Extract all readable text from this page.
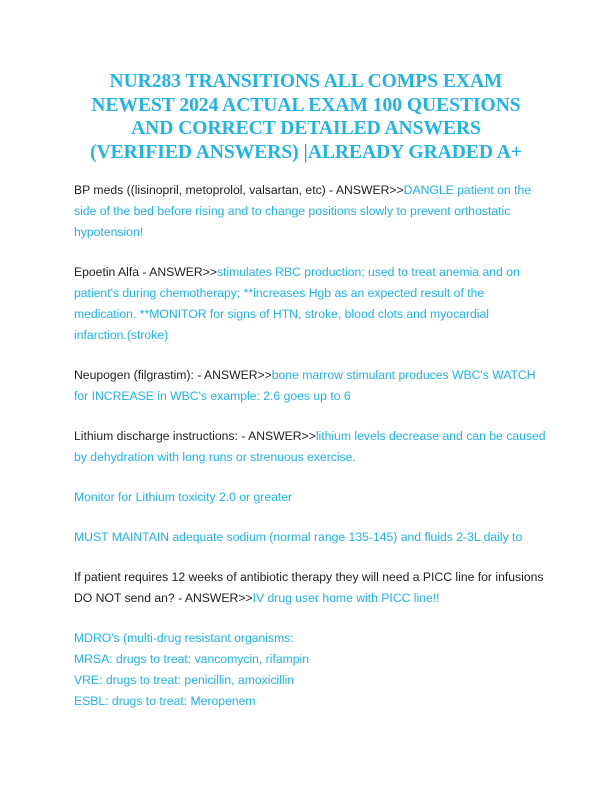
NUR283 TRANSITIONS ALL COMPS EXAM
NEWEST 2024 ACTUAL EXAM 100 QUESTIONS
AND CORRECT DETAILED ANSWERS
(VERIFIED ANSWERS) |ALREADY GRADED A+
BP meds ((lisinopril, metoprolol, valsartan, etc) - ANSWER>>DANGLE patient on the
side of the bed before rising and to change positions slowly to prevent orthostatic
hypotension!
Epoetin Alfa - ANSWER>>stimulates RBC production; used to treat anemia and on
patient's during chemotherapy; **increases Hgb as an expected result of the
medication. **MONITOR for signs of HTN, stroke, blood clots and myocardial
infarction.(stroke)
Neupogen (filgrastim): - ANSWER>>bone marrow stimulant produces WBC's WATCH
for INCREASE in WBC's example: 2.6 goes up to 6
Lithium discharge instructions: - ANSWER>>lithium levels decrease and can be caused
by dehydration with long runs or strenuous exercise.
Monitor for Lithium toxicity 2.0 or greater
MUST MAINTAIN adequate sodium (normal range 135-145) and fluids 2-3L daily to
If patient requires 12 weeks of antibiotic therapy they will need a PICC line for infusions
DO NOT send an? - ANSWER>>IV drug user home with PICC line!!
MDRO's (multi-drug resistant organisms:
MRSA: drugs to treat: vancomycin, rifampin
VRE: drugs to treat: penicillin, amoxicillin
ESBL: drugs to treat: Meropenem
